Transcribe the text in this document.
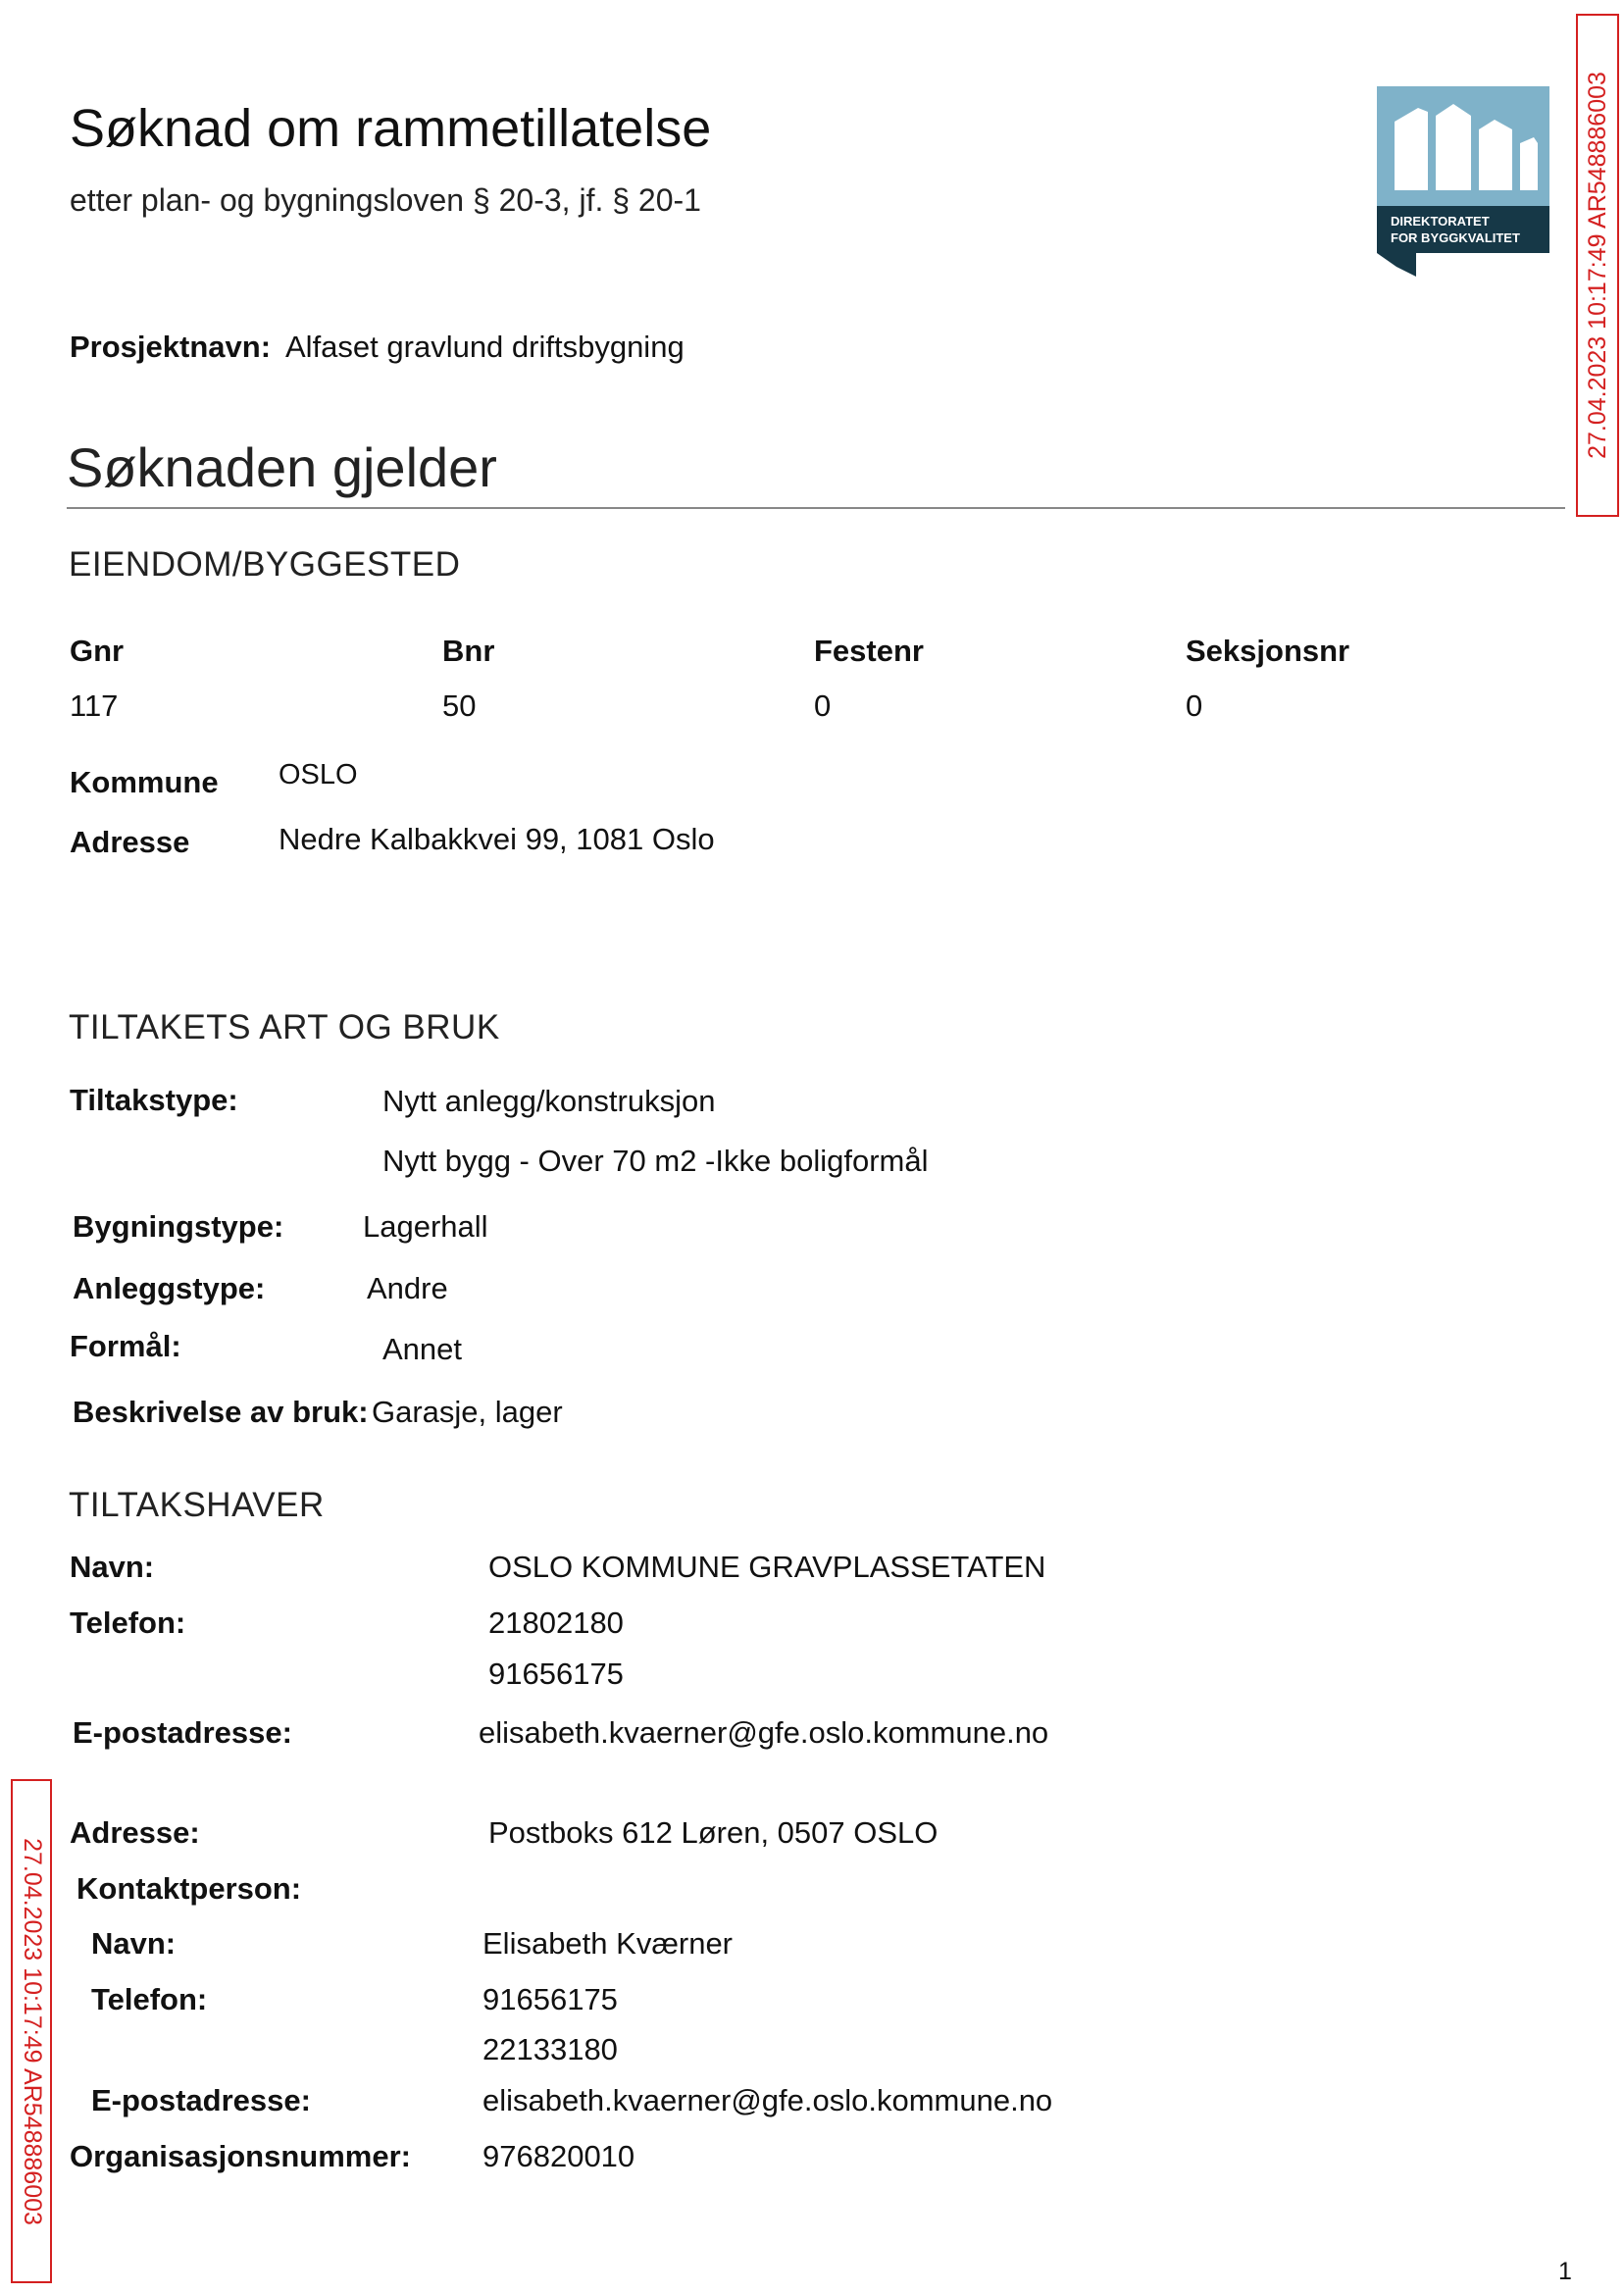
Søknad om rammetillatelse
etter plan- og bygningsloven § 20-3, jf. § 20-1
DIREKTORATET
FOR BYGGKVALITET	27.04.2023 10:17:49 AR548886003
27.04.2023 10:17:49 AR548886003
Prosjektnavn: Alfaset gravlund driftsbygning
Søknaden gjelder
EIENDOM/BYGGESTED
Gnr	Bnr	Festenr	Seksjonsnr
117	50	0	0
Kommune OSLO
Adresse	Nedre Kalbakkvei 99, 1081 Oslo
TILTAKETS ART OG BRUK
Tiltakstype:	Nytt anlegg/konstruksjon
Nytt bygg - Over 70 m2 -Ikke boligformål
Bygningstype:	Lagerhall
Anleggstype:	Andre
Formål:	Annet
Beskrivelse av bruk: Garasje, lager
TILTAKSHAVER
Navn:	OSLO KOMMUNE GRAVPLASSETATEN
Telefon:	21802180
91656175
E-postadresse:	elisabeth.kvaerner@gfe.oslo.kommune.no
Adresse:	Postboks 612 Løren, 0507 OSLO
Kontaktperson:
Navn:	Elisabeth Kværner
Telefon:	91656175
22133180
E-postadresse:	elisabeth.kvaerner@gfe.oslo.kommune.no
Organisasjonsnummer: 976820010
1
